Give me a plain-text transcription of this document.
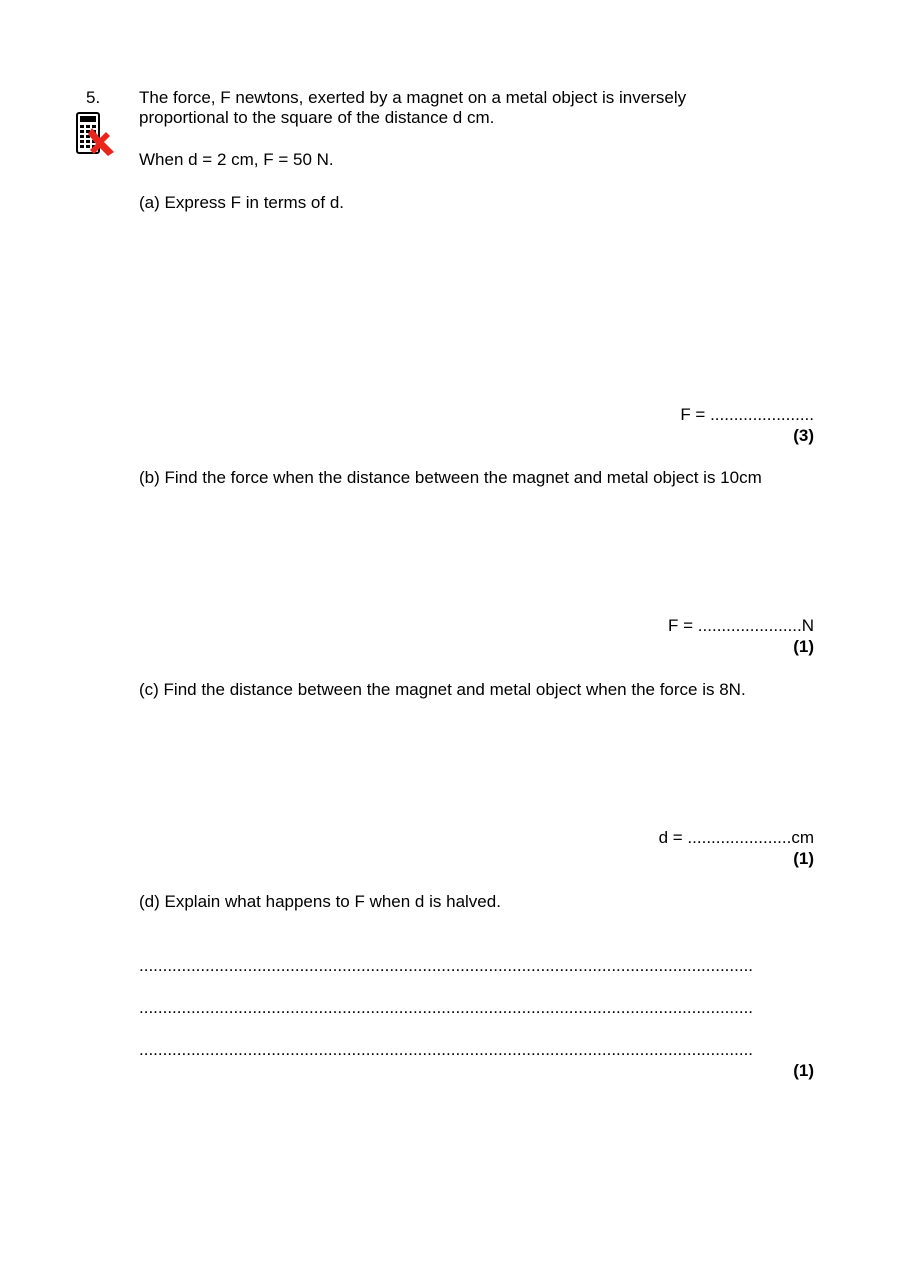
5. The force, F newtons, exerted by a magnet on a metal object is inversely
proportional to the square of the distance d cm.
When d = 2 cm, F = 50 N.
(a) Express F in terms of d.
F = ......................
(3)
(b) Find the force when the distance between the magnet and metal object is 10cm
F = ......................N
(1)
(c) Find the distance between the magnet and metal object when the force is 8N.
d = ......................cm
(1)
(d) Explain what happens to F when d is halved.
..................................................................................................................................
..................................................................................................................................
..................................................................................................................................
(1)
